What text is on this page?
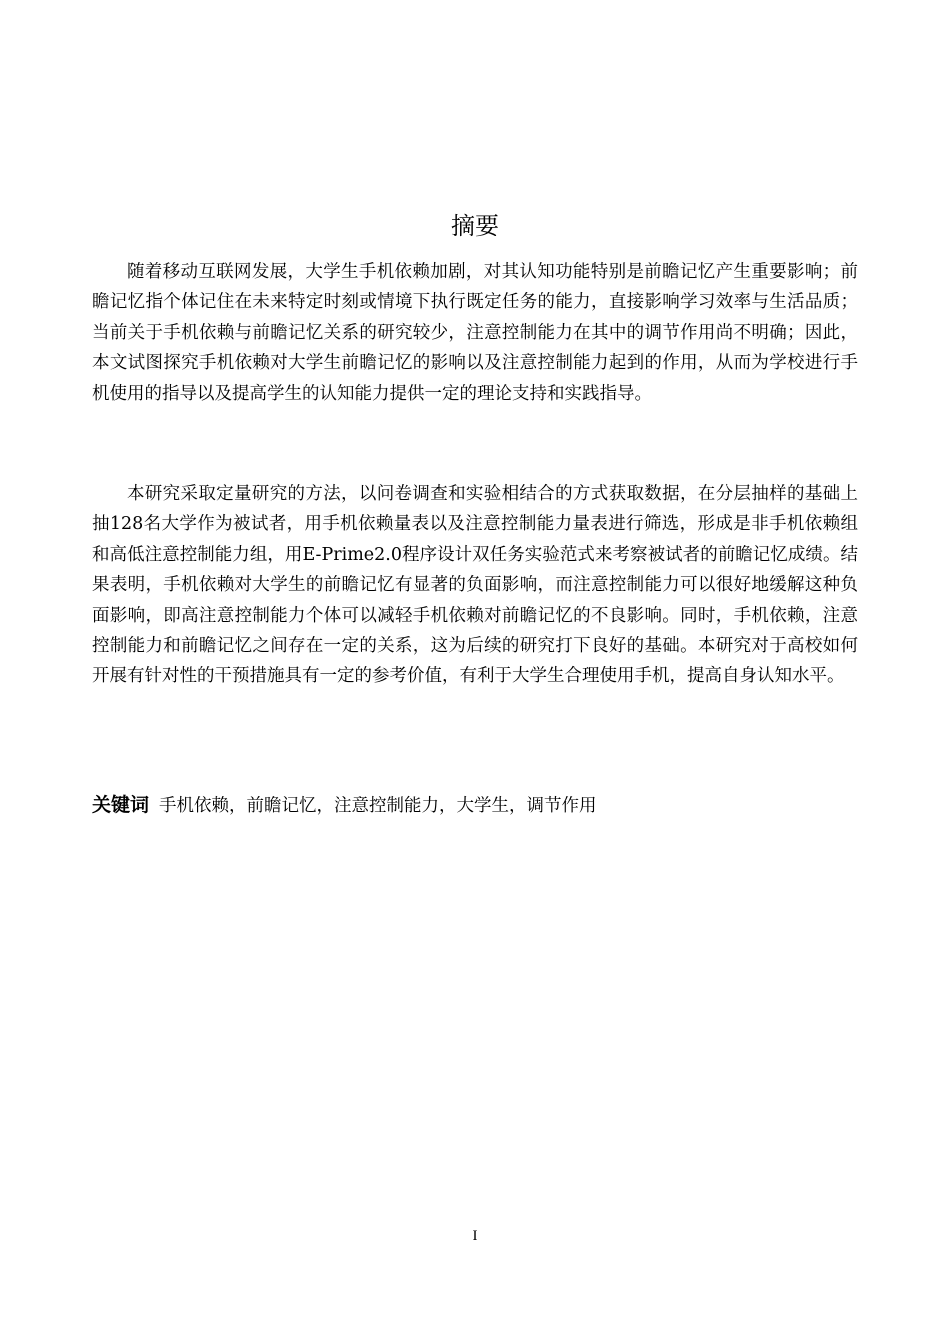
摘要

随着移动互联网发展，大学生手机依赖加剧，对其认知功能特别是前瞻记忆产生重要影响；前瞻记忆指个体记住在未来特定时刻或情境下执行既定任务的能力，直接影响学习效率与生活品质；当前关于手机依赖与前瞻记忆关系的研究较少，注意控制能力在其中的调节作用尚不明确；因此，本文试图探究手机依赖对大学生前瞻记忆的影响以及注意控制能力起到的作用，从而为学校进行手机使用的指导以及提高学生的认知能力提供一定的理论支持和实践指导。

本研究采取定量研究的方法，以问卷调查和实验相结合的方式获取数据，在分层抽样的基础上抽128名大学作为被试者，用手机依赖量表以及注意控制能力量表进行筛选，形成是非手机依赖组和高低注意控制能力组，用E-Prime2.0程序设计双任务实验范式来考察被试者的前瞻记忆成绩。结果表明，手机依赖对大学生的前瞻记忆有显著的负面影响，而注意控制能力可以很好地缓解这种负面影响，即高注意控制能力个体可以减轻手机依赖对前瞻记忆的不良影响。同时，手机依赖，注意控制能力和前瞻记忆之间存在一定的关系，这为后续的研究打下良好的基础。本研究对于高校如何开展有针对性的干预措施具有一定的参考价值，有利于大学生合理使用手机，提高自身认知水平。

关键词 手机依赖，前瞻记忆，注意控制能力，大学生，调节作用

I
